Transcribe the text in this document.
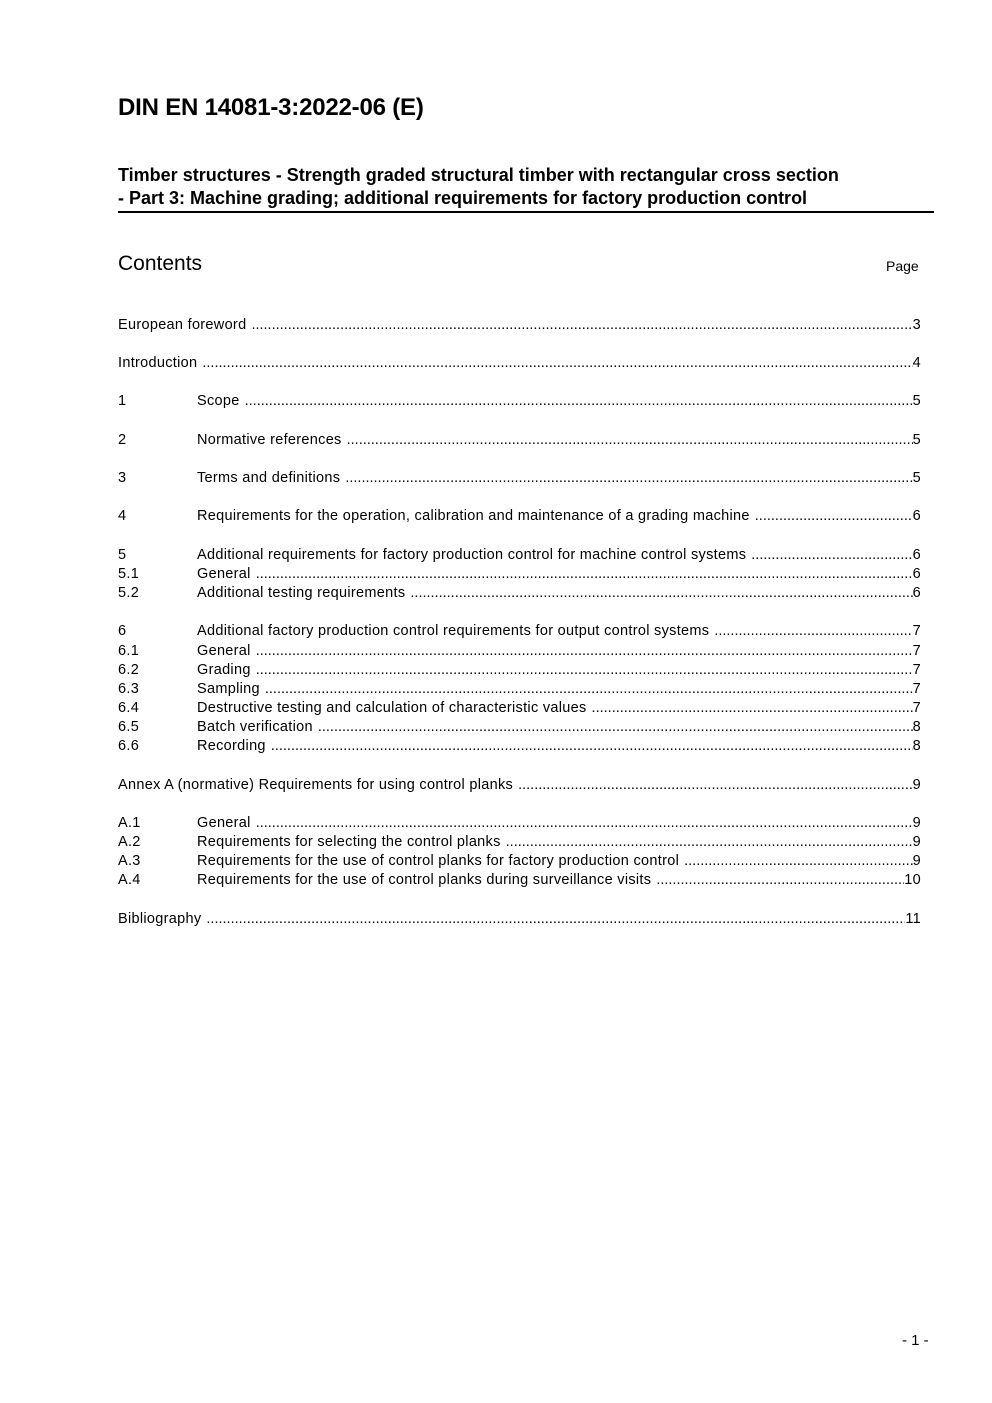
DIN EN 14081-3:2022-06 (E)
Timber structures - Strength graded structural timber with rectangular cross section
- Part 3: Machine grading; additional requirements for factory production control
Contents	Page
European foreword .....	3
Introduction .....	4
1	Scope .....	5
2	Normative references .....	5
3	Terms and definitions .....	5
4	Requirements for the operation, calibration and maintenance of a grading machine .....	6
5	Additional requirements for factory production control for machine control systems .....	6
5.1	General .....	6
5.2	Additional testing requirements .....	6
6	Additional factory production control requirements for output control systems .....	7
6.1	General .....	7
6.2	Grading .....	7
6.3	Sampling .....	7
6.4	Destructive testing and calculation of characteristic values .....	7
6.5	Batch verification .....	8
6.6	Recording .....	8
Annex A (normative) Requirements for using control planks .....	9
A.1	General .....	9
A.2	Requirements for selecting the control planks .....	9
A.3	Requirements for the use of control planks for factory production control .....	9
A.4	Requirements for the use of control planks during surveillance visits .....	10
Bibliography .....	11
- 1 -
